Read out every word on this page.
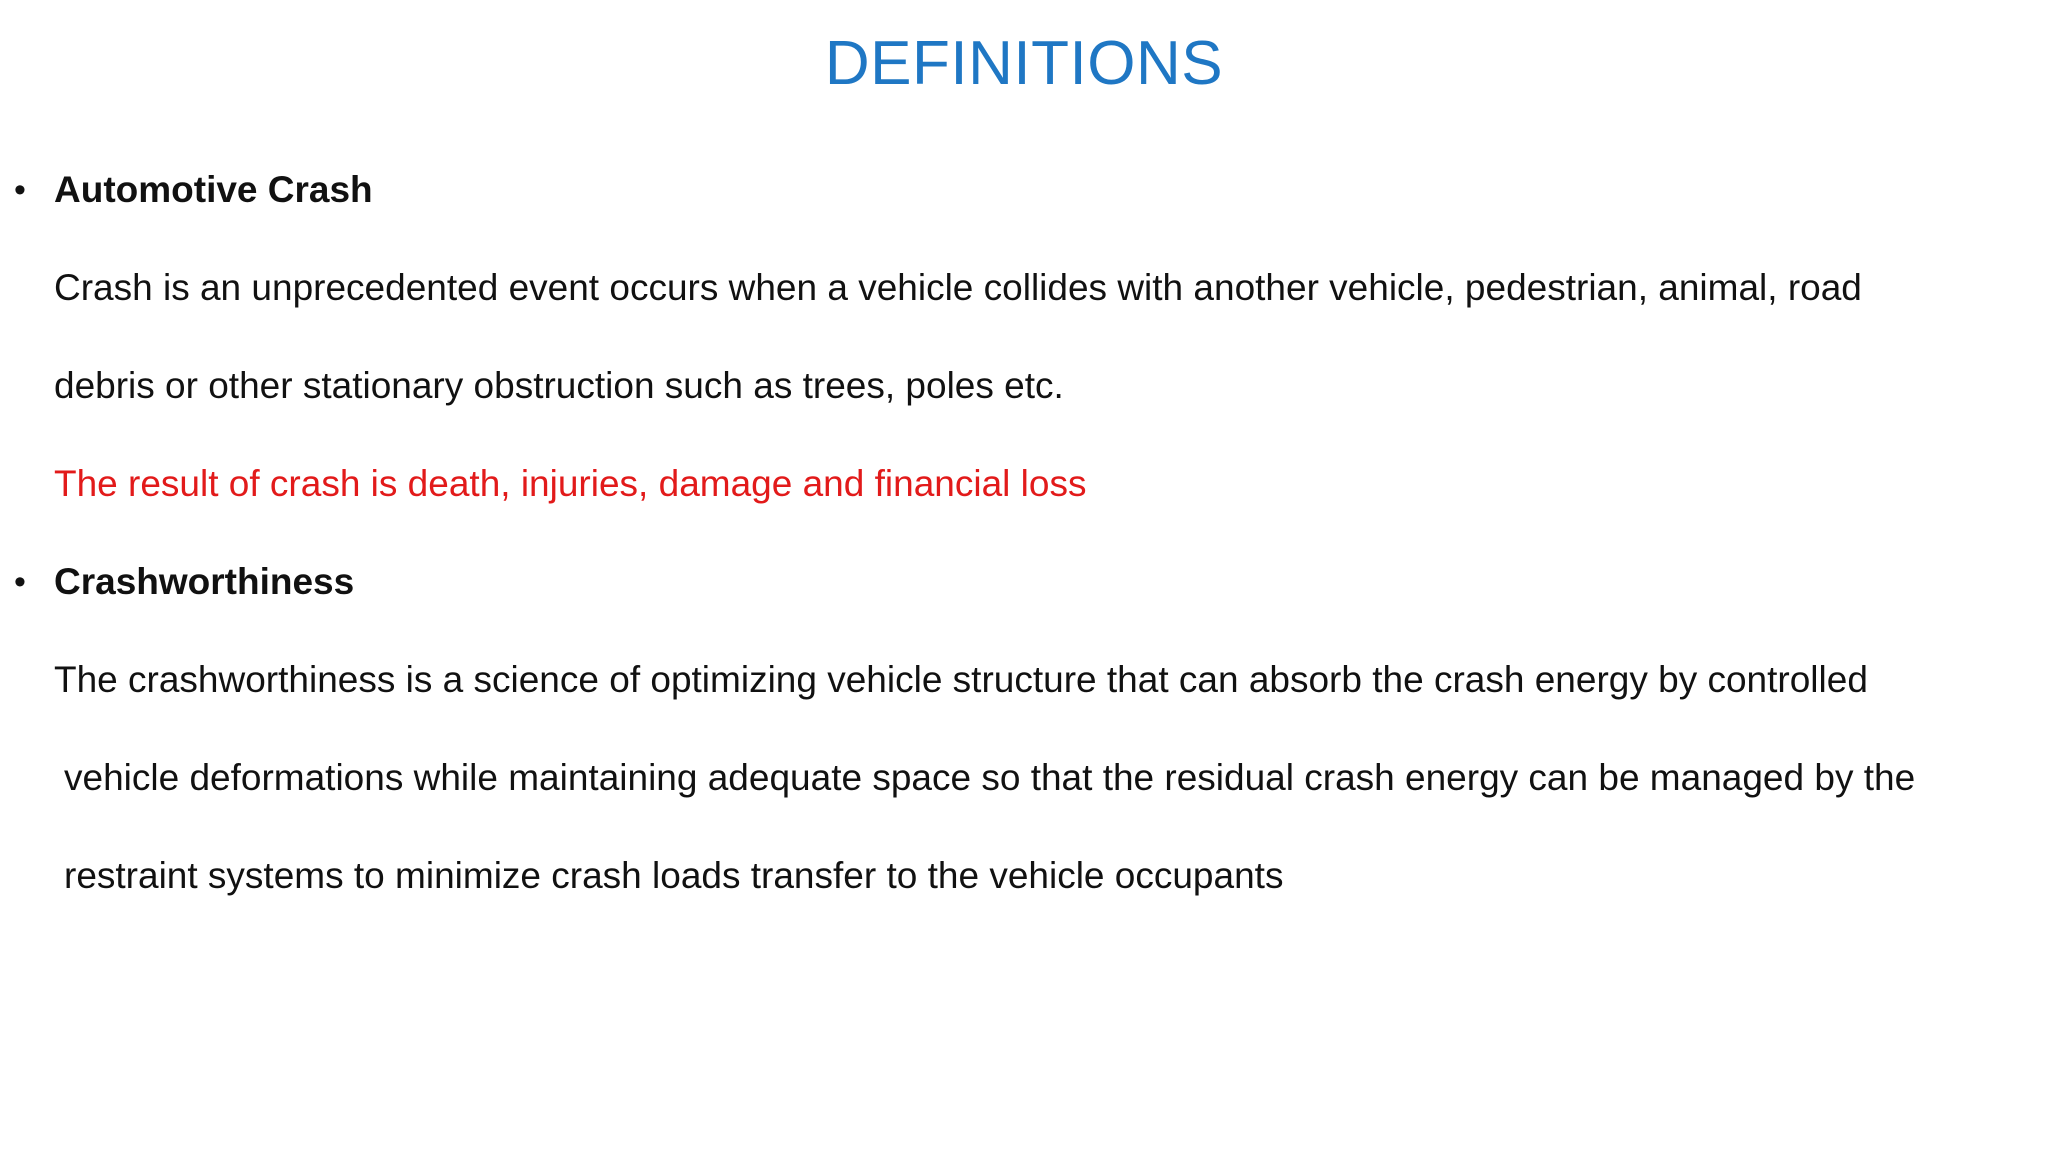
DEFINITIONS
• Automotive Crash
Crash is an unprecedented event occurs when a vehicle collides with another vehicle, pedestrian, animal, road
debris or other stationary obstruction such as trees, poles etc.
The result of crash is death, injuries, damage and financial loss
• Crashworthiness
The crashworthiness is a science of optimizing vehicle structure that can absorb the crash energy by controlled
vehicle deformations while maintaining adequate space so that the residual crash energy can be managed by the
restraint systems to minimize crash loads transfer to the vehicle occupants
